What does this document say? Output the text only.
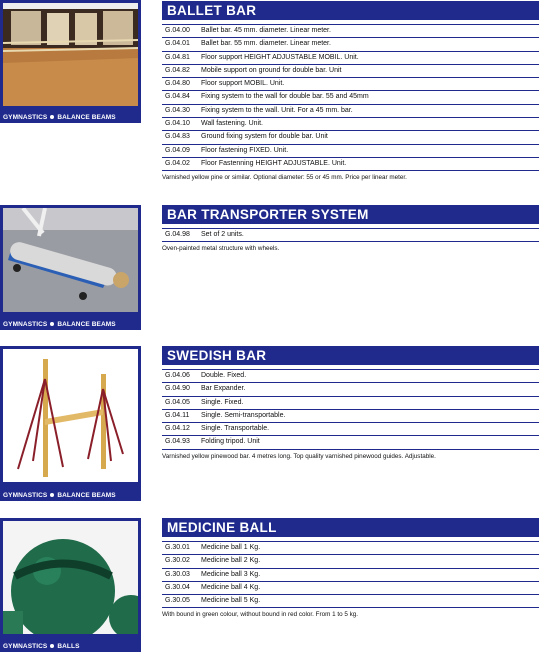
GYMNASTICS BALANCE BEAMS
BALLET BAR
G.04.00 Ballet bar. 45 mm. diameter. Linear meter.
G.04.01 Ballet bar. 55 mm. diameter. Linear meter.
G.04.81 Floor support HEIGHT ADJUSTABLE MOBIL. Unit.
G.04.82 Mobile support on ground for double bar. Unit
G.04.80 Floor support MOBIL. Unit.
G.04.84 Fixing system to the wall for double bar. 55 and 45mm
G.04.30 Fixing system to the wall. Unit. For a 45 mm. bar.
G.04.10 Wall fastening. Unit.
G.04.83 Ground fixing system for double bar. Unit
G.04.09 Floor fastening FIXED. Unit.
G.04.02 Floor Fastenning HEIGHT ADJUSTABLE. Unit.
Varnished yellow pine or similar. Optional diameter: 55 or 45 mm. Price per linear meter.
GYMNASTICS BALANCE BEAMS
BAR TRANSPORTER SYSTEM
G.04.98 Set of 2 units.
Oven-painted metal structure with wheels.
GYMNASTICS BALANCE BEAMS
SWEDISH BAR
G.04.06 Double. Fixed.
G.04.90 Bar Expander.
G.04.05 Single. Fixed.
G.04.11 Single. Semi-transportable.
G.04.12 Single. Transportable.
G.04.93 Folding tripod. Unit
Varnished yellow pinewood bar. 4 metres long. Top quality varnished pinewood guides. Adjustable.
GYMNASTICS BALLS
MEDICINE BALL
G.30.01 Medicine ball 1 Kg.
G.30.02 Medicine ball 2 Kg.
G.30.03 Medicine ball 3 Kg.
G.30.04 Medicine ball 4 Kg.
G.30.05 Medicine ball 5 Kg.
With bound in green colour, without bound in red color. From 1 to 5 kg.
